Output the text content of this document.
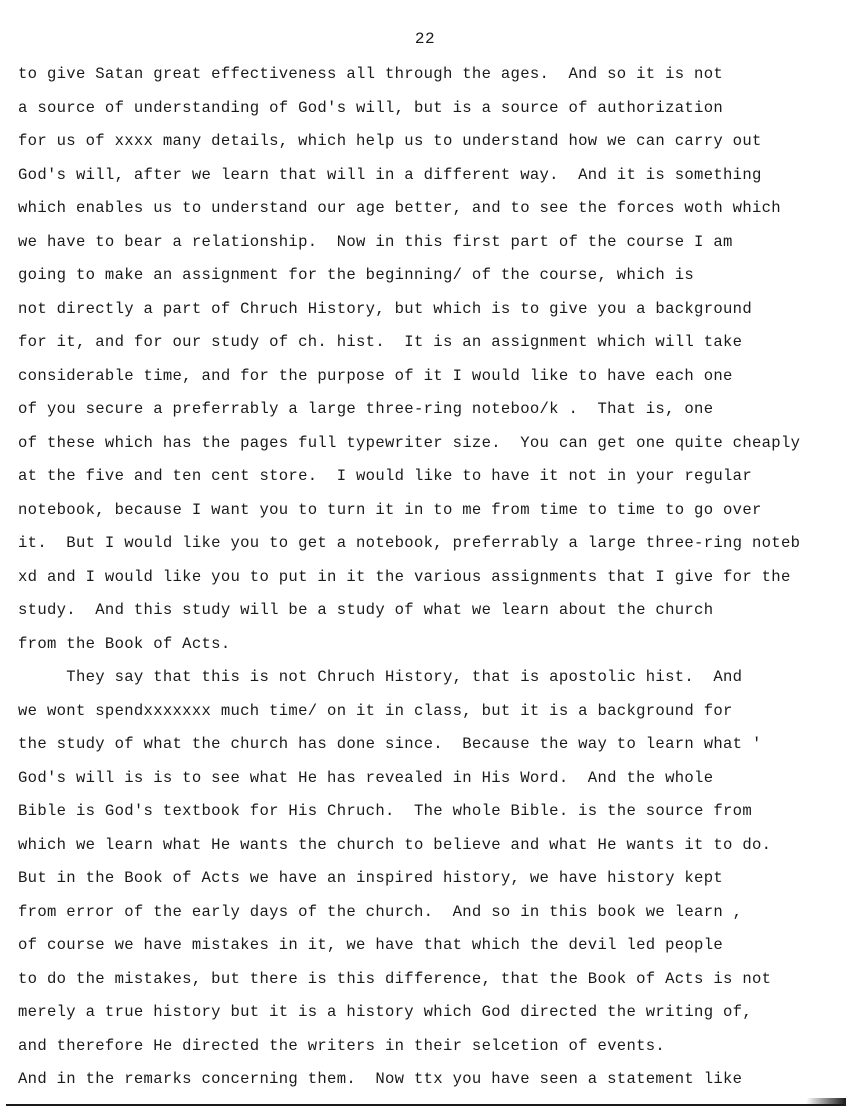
22
to give Satan great effectiveness all through the ages.  And so it is not
a source of understanding of God's will, but is a source of authorization
for us of xxxx many details, which help us to understand how we can carry out
God's will, after we learn that will in a different way.  And it is something
which enables us to understand our age better, and to see the forces woth which
we have to bear a relationship.  Now in this first part of the course I am
going to make an assignment for the beginning/ of the course, which is
not directly a part of Chruch History, but which is to give you a background
for it, and for our study of ch. hist.  It is an assignment which will take
considerable time, and for the purpose of it I would like to have each one
of you secure a preferrably a large three-ring noteboo/k .  That is, one
of these which has the pages full typewriter size.  You can get one quite cheaply
at the five and ten cent store.  I would like to have it not in your regular
notebook, because I want you to turn it in to me from time to time to go over
it.  But I would like you to get a notebook, preferrably a large three-ring noteb
xd and I would like you to put in it the various assignments that I give for the
study.  And this study will be a study of what we learn about the church
from the Book of Acts.
They say that this is not Chruch History, that is apostolic hist.  And
we wont spendxxxxxxx much time/ on it in class, but it is a background for
the study of what the church has done since.  Because the way to learn what '
God's will is is to see what He has revealed in His Word.  And the whole
Bible is God's textbook for His Chruch.  The whole Bible. is the source from
which we learn what He wants the church to believe and what He wants it to do.
But in the Book of Acts we have an inspired history, we have history kept
from error of the early days of the church.  And so in this book we learn ,
of course we have mistakes in it, we have that which the devil led people
to do the mistakes, but there is this difference, that the Book of Acts is not
merely a true history but it is a history which God directed the writing of,
and therefore He directed the writers in their selcetion of events.
And in the remarks concerning them.  Now ttx you have seen a statement like
